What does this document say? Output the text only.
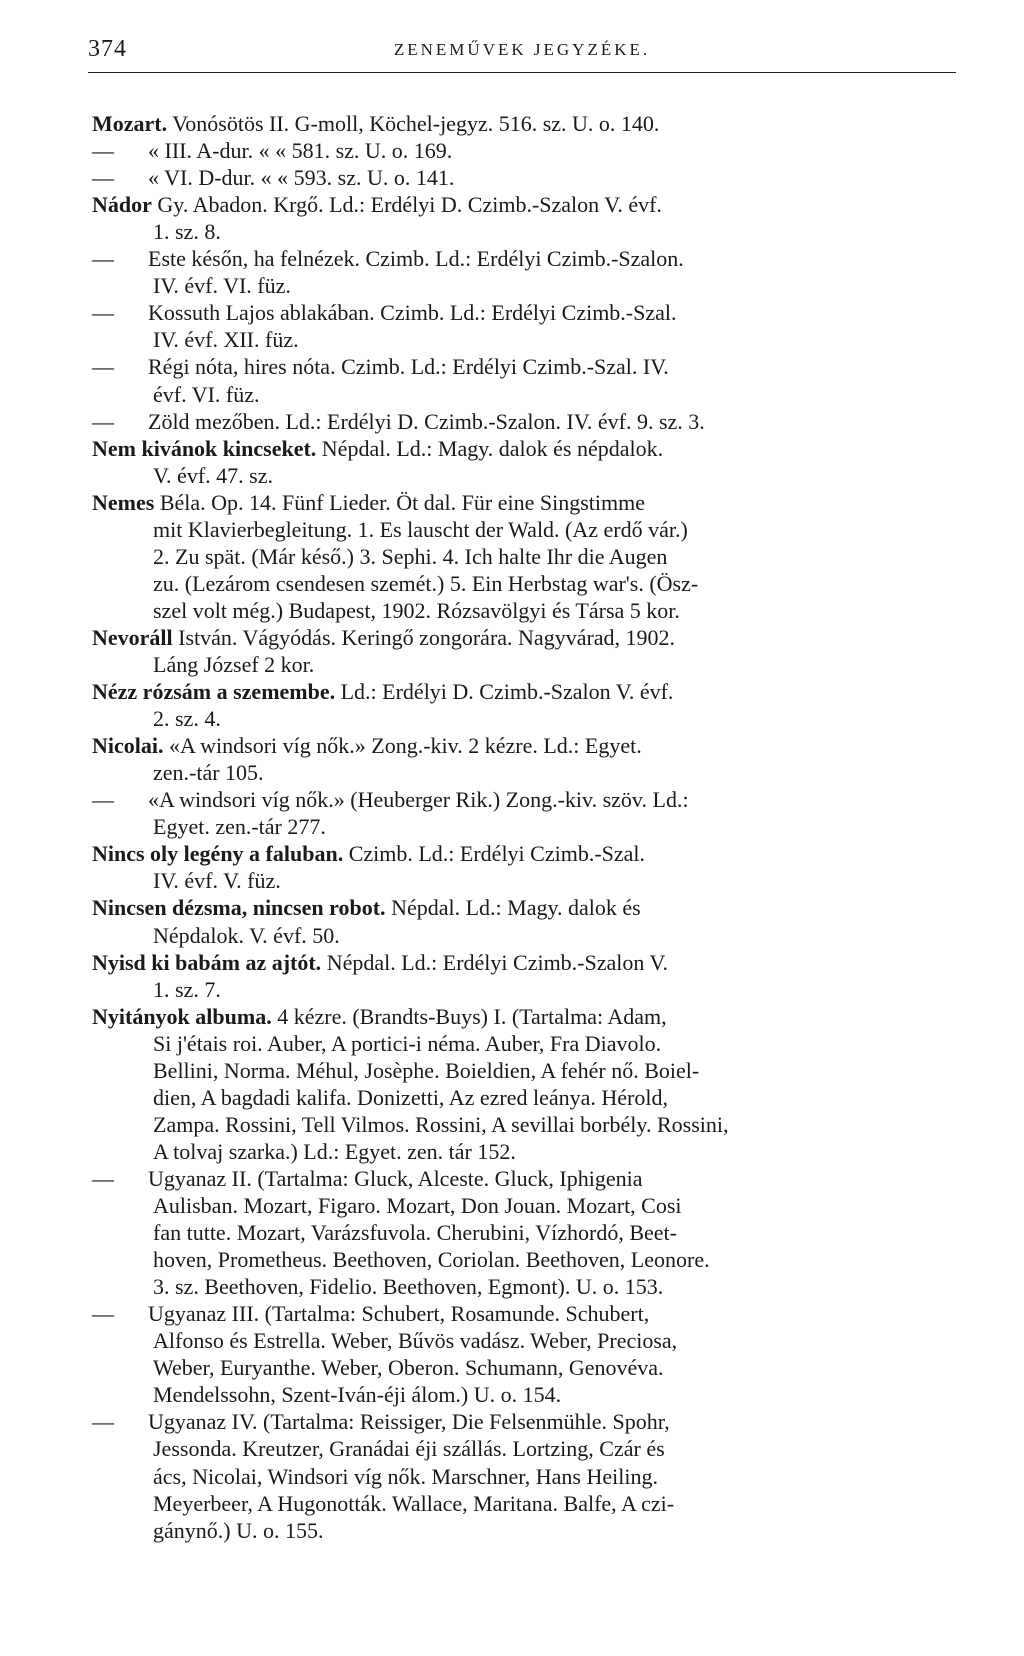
374	ZENEMŰVEK JEGYZÉKE.
Mozart. Vonósötös II. G-moll, Köchel-jegyz. 516. sz. U. o. 140.
— « III. A-dur. « « 581. sz. U. o. 169.
— « VI. D-dur. « « 593. sz. U. o. 141.
Nádor Gy. Abadon. Krgő. Ld.: Erdélyi D. Czimb.-Szalon V. évf.
1. sz. 8.
— Este későn, ha felnézek. Czimb. Ld.: Erdélyi Czimb.-Szalon.
IV. évf. VI. füz.
— Kossuth Lajos ablakában. Czimb. Ld.: Erdélyi Czimb.-Szal.
IV. évf. XII. füz.
— Régi nóta, hires nóta. Czimb. Ld.: Erdélyi Czimb.-Szal. IV.
évf. VI. füz.
— Zöld mezőben. Ld.: Erdélyi D. Czimb.-Szalon. IV. évf. 9. sz. 3.
Nem kivánok kincseket. Népdal. Ld.: Magy. dalok és népdalok.
V. évf. 47. sz.
Nemes Béla. Op. 14. Fünf Lieder. Öt dal. Für eine Singstimme
mit Klavierbegleitung. 1. Es lauscht der Wald. (Az erdő vár.)
2. Zu spät. (Már késő.) 3. Sephi. 4. Ich halte Ihr die Augen
zu. (Lezárom csendesen szemét.) 5. Ein Herbstag war's. (Ösz-
szel volt még.) Budapest, 1902. Rózsavölgyi és Társa 5 kor.
Nevoráll István. Vágyódás. Keringő zongorára. Nagyvárad, 1902.
Láng József 2 kor.
Nézz rózsám a szemembe. Ld.: Erdélyi D. Czimb.-Szalon V. évf.
2. sz. 4.
Nicolai. «A windsori víg nők.» Zong.-kiv. 2 kézre. Ld.: Egyet.
zen.-tár 105.
— «A windsori víg nők.» (Heuberger Rik.) Zong.-kiv. szöv. Ld.:
Egyet. zen.-tár 277.
Nincs oly legény a faluban. Czimb. Ld.: Erdélyi Czimb.-Szal.
IV. évf. V. füz.
Nincsen dézsma, nincsen robot. Népdal. Ld.: Magy. dalok és
Népdalok. V. évf. 50.
Nyisd ki babám az ajtót. Népdal. Ld.: Erdélyi Czimb.-Szalon V.
1. sz. 7.
Nyitányok albuma. 4 kézre. (Brandts-Buys) I. (Tartalma: Adam,
Si j'étais roi. Auber, A portici-i néma. Auber, Fra Diavolo.
Bellini, Norma. Méhul, Josèphe. Boieldien, A fehér nő. Boiel-
dien, A bagdadi kalifa. Donizetti, Az ezred leánya. Hérold,
Zampa. Rossini, Tell Vilmos. Rossini, A sevillai borbély. Rossini,
A tolvaj szarka.) Ld.: Egyet. zen. tár 152.
— Ugyanaz II. (Tartalma: Gluck, Alceste. Gluck, Iphigenia
Aulisban. Mozart, Figaro. Mozart, Don Jouan. Mozart, Cosi
fan tutte. Mozart, Varázsfuvola. Cherubini, Vízhordó, Beet-
hoven, Prometheus. Beethoven, Coriolan. Beethoven, Leonore.
3. sz. Beethoven, Fidelio. Beethoven, Egmont). U. o. 153.
— Ugyanaz III. (Tartalma: Schubert, Rosamunde. Schubert,
Alfonso és Estrella. Weber, Bűvös vadász. Weber, Preciosa,
Weber, Euryanthe. Weber, Oberon. Schumann, Genovéva.
Mendelssohn, Szent-Iván-éji álom.) U. o. 154.
— Ugyanaz IV. (Tartalma: Reissiger, Die Felsenmühle. Spohr,
Jessonda. Kreutzer, Granádai éji szállás. Lortzing, Czár és
ács, Nicolai, Windsori víg nők. Marschner, Hans Heiling.
Meyerbeer, A Hugonották. Wallace, Maritana. Balfe, A czi-
gánynő.) U. o. 155.
